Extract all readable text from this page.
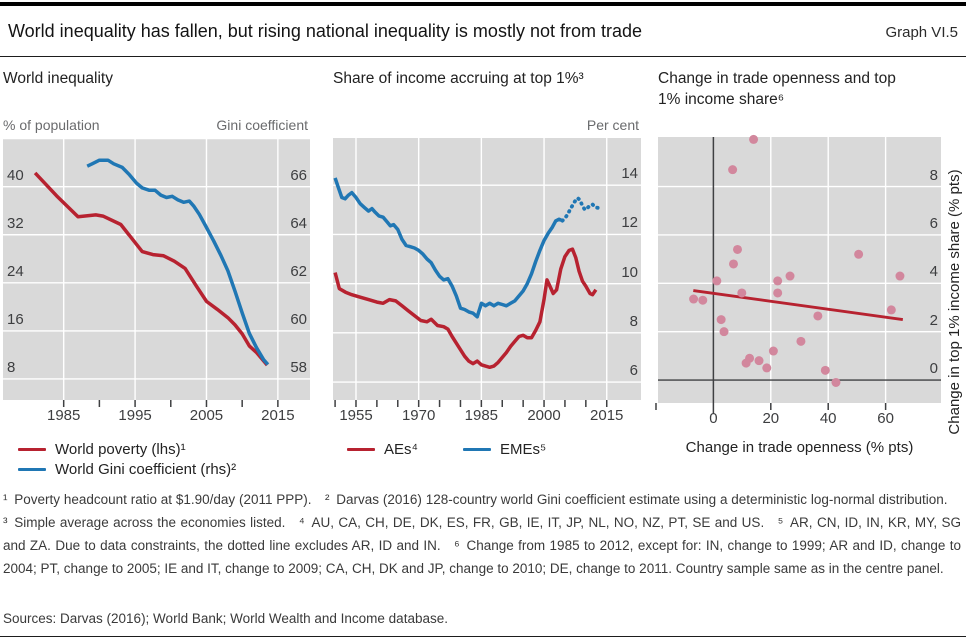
World inequality has fallen, but rising national inequality is mostly not from trade	Graph VI.5
World inequality	Share of income accruing at top 1%³	Change in trade openness and top 1% income share⁶
% of population	Gini coefficient	Per cent
8
16
24
32
40
58
60
62
64
66
1985	1995	2005	2015
6
8
10
12
14
1955	1970	1985	2000	2015
0
2
4
6
8
0	20	40	60
World poverty (lhs)¹
World Gini coefficient (rhs)²
AEs⁴	EMEs⁵	Change in trade openness (% pts)
Change in top 1% income share (% pts)
¹ Poverty headcount ratio at $1.90/day (2011 PPP).  ² Darvas (2016) 128-country world Gini coefficient estimate using a deterministic log-normal distribution.  ³ Simple average across the economies listed.  ⁴ AU, CA, CH, DE, DK, ES, FR, GB, IE, IT, JP, NL, NO, NZ, PT, SE and US.  ⁵ AR, CN, ID, IN, KR, MY, SG and ZA. Due to data constraints, the dotted line excludes AR, ID and IN.  ⁶ Change from 1985 to 2012, except for: IN, change to 1999; AR and ID, change to 2004; PT, change to 2005; IE and IT, change to 2009; CA, CH, DK and JP, change to 2010; DE, change to 2011. Country sample same as in the centre panel.
Sources: Darvas (2016); World Bank; World Wealth and Income database.
